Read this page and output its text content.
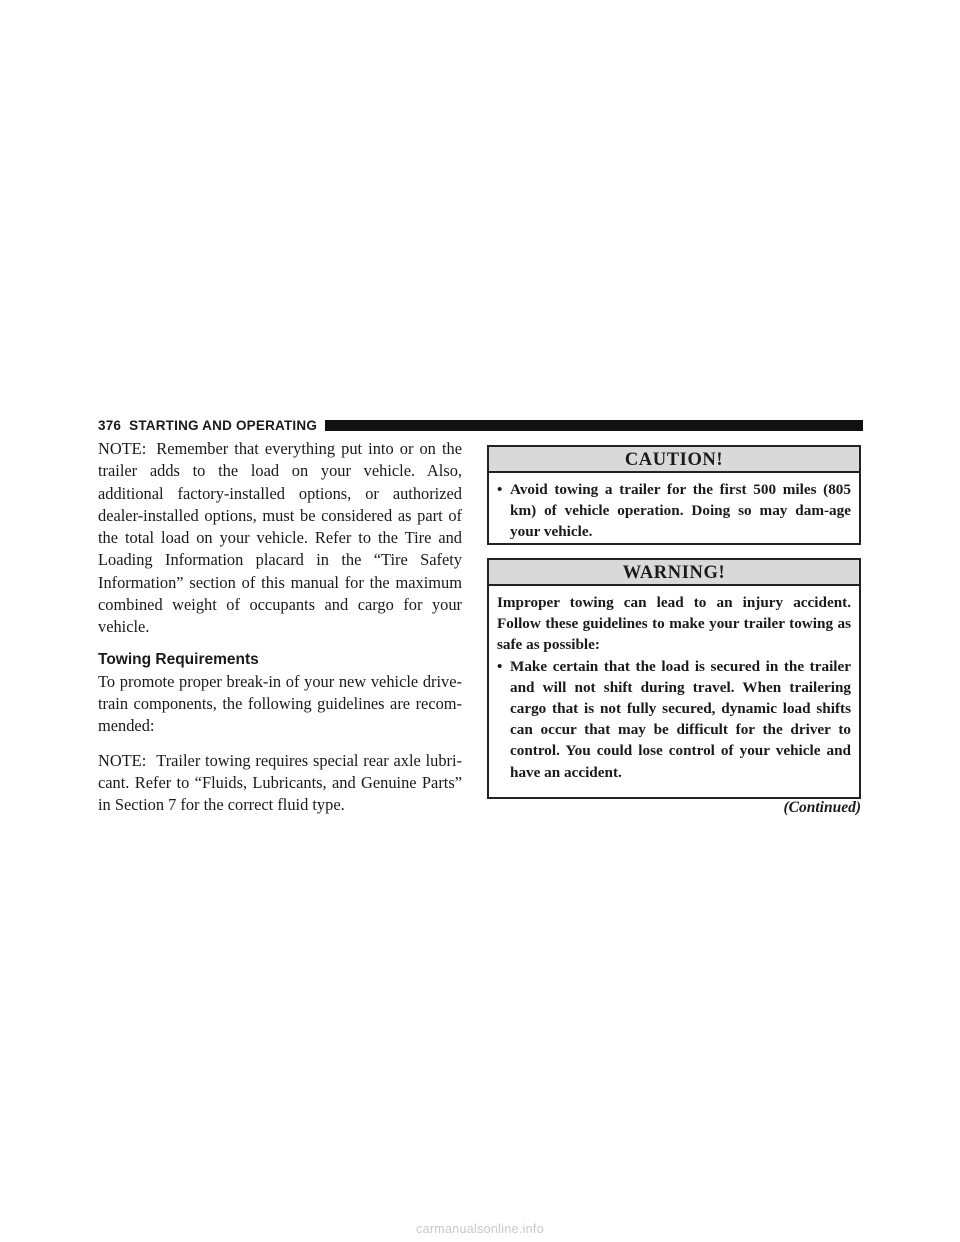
376 STARTING AND OPERATING

NOTE: Remember that everything put into or on the trailer adds to the load on your vehicle. Also, additional factory-installed options, or authorized dealer-installed options, must be considered as part of the total load on your vehicle. Refer to the Tire and Loading Information placard in the “Tire Safety Information” section of this manual for the maximum combined weight of occupants and cargo for your vehicle.

Towing Requirements

To promote proper break-in of your new vehicle drive-train components, the following guidelines are recom-mended:

NOTE: Trailer towing requires special rear axle lubri-cant. Refer to “Fluids, Lubricants, and Genuine Parts” in Section 7 for the correct fluid type.

CAUTION!
• Avoid towing a trailer for the first 500 miles (805 km) of vehicle operation. Doing so may dam-age your vehicle.
WARNING!
Improper towing can lead to an injury accident. Follow these guidelines to make your trailer towing as safe as possible:
• Make certain that the load is secured in the trailer and will not shift during travel. When trailering cargo that is not fully secured, dynamic load shifts can occur that may be difficult for the driver to control. You could lose control of your vehicle and have an accident.
(Continued)
carmanualsonline.info
